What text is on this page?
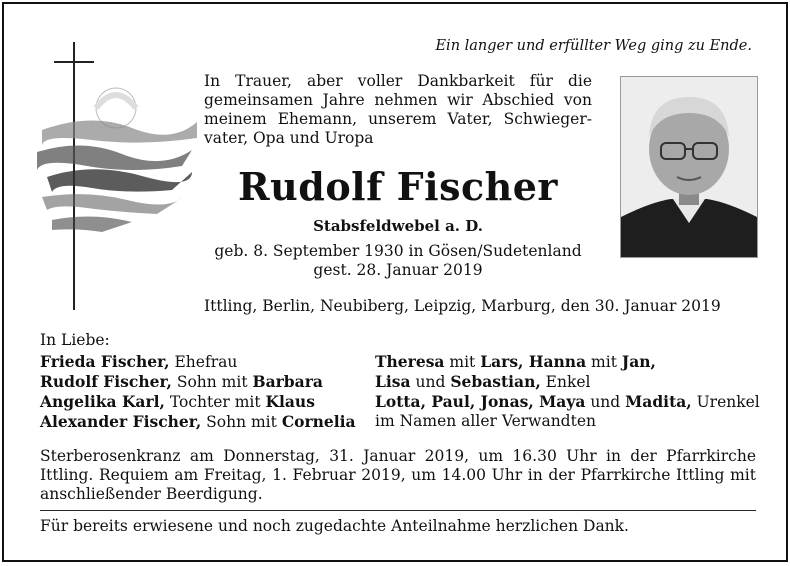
Ein langer und erfüllter Weg ging zu Ende.
In Trauer, aber voller Dankbarkeit für die gemeinsamen Jahre nehmen wir Abschied von meinem Ehemann, unserem Vater, Schwieger-vater, Opa und Uropa
Rudolf Fischer
Stabsfeldwebel a. D.
geb. 8. September 1930 in Gösen/Sudetenland
gest. 28. Januar 2019
Ittling, Berlin, Neubiberg, Leipzig, Marburg, den 30. Januar 2019
In Liebe:
Frieda Fischer, Ehefrau	Theresa mit Lars, Hanna mit Jan,
Rudolf Fischer, Sohn mit Barbara	Lisa und Sebastian, Enkel
Angelika Karl, Tochter mit Klaus	Lotta, Paul, Jonas, Maya und Madita, Urenkel
Alexander Fischer, Sohn mit Cornelia	im Namen aller Verwandten
Sterberosenkranz am Donnerstag, 31. Januar 2019, um 16.30 Uhr in der Pfarrkirche Ittling. Requiem am Freitag, 1. Februar 2019, um 14.00 Uhr in der Pfarrkirche Ittling mit anschließender Beerdigung.
Für bereits erwiesene und noch zugedachte Anteilnahme herzlichen Dank.
